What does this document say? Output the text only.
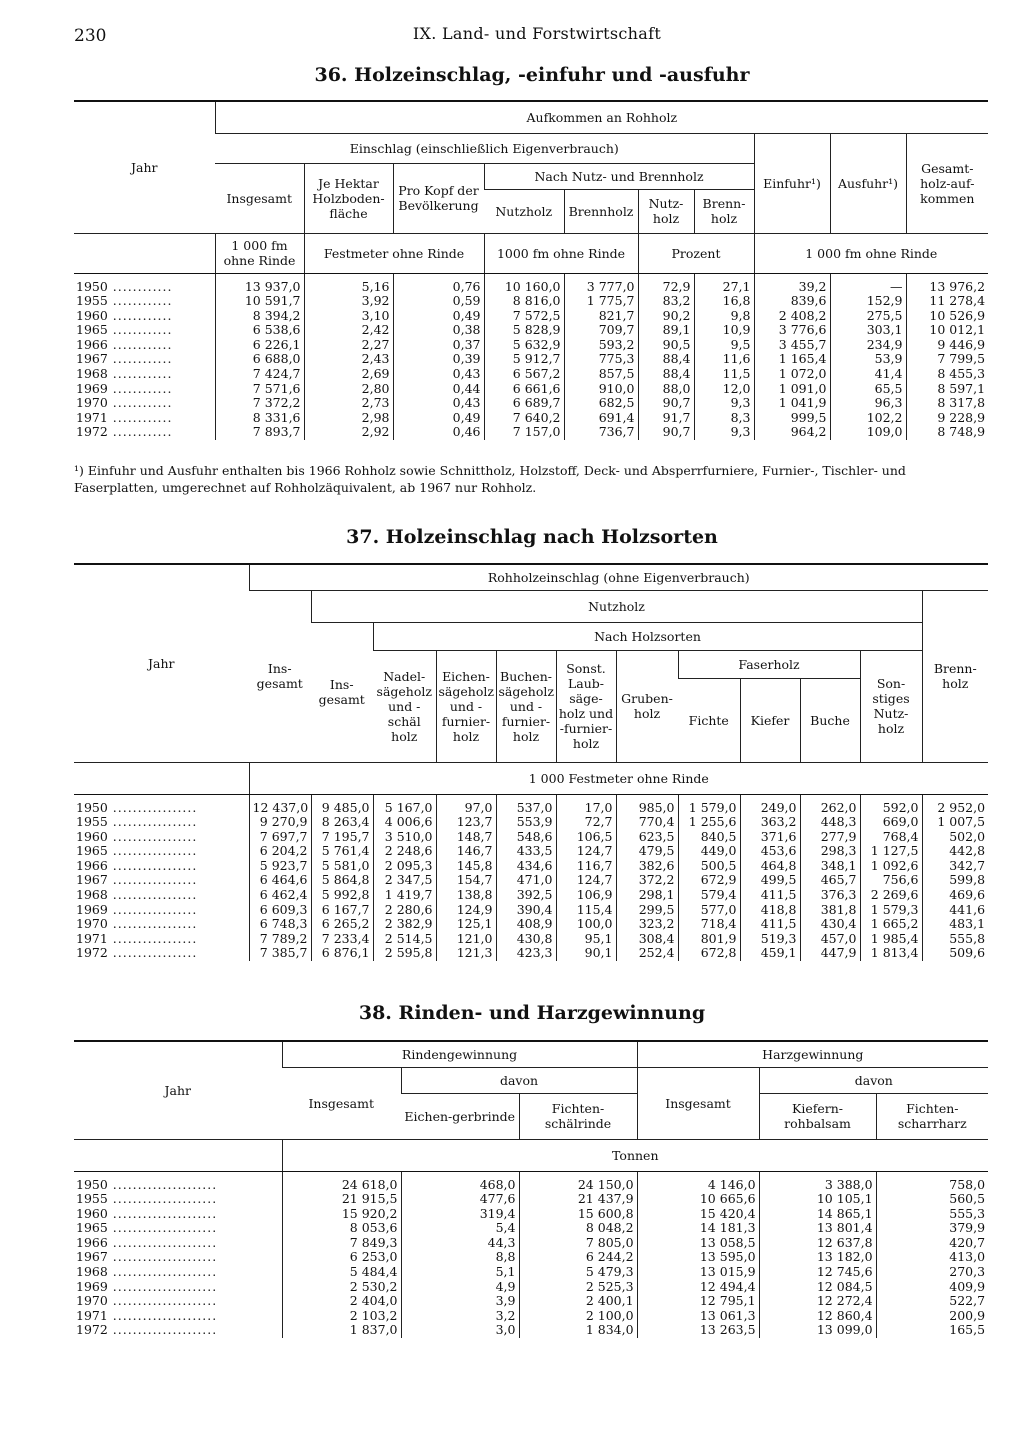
230	IX. Land- und Forstwirtschaft
36. Holzeinschlag, -einfuhr und -ausfuhr
Jahr	Aufkommen an Rohholz									
	Einschlag (einschließlich Eigenverbrauch)							Einfuhr¹)	Ausfuhr¹)	Gesamt-holz-auf-kommen
	Insgesamt	Je Hektar Holzboden-fläche	Pro Kopf der Bevölkerung	Nach Nutz- und Brennholz						
				Nutzholz	Brennholz	Nutz-holz	Brenn-holz			
	1 000 fm ohne Rinde	Festmeter ohne Rinde		1000 fm ohne Rinde		Prozent		1 000 fm ohne Rinde		
1950 ............	13 937,0	5,16	0,76	10 160,0	3 777,0	72,9	27,1	39,2	—	13 976,2
1955 ............	10 591,7	3,92	0,59	8 816,0	1 775,7	83,2	16,8	839,6	152,9	11 278,4
1960 ............	8 394,2	3,10	0,49	7 572,5	821,7	90,2	9,8	2 408,2	275,5	10 526,9
1965 ............	6 538,6	2,42	0,38	5 828,9	709,7	89,1	10,9	3 776,6	303,1	10 012,1
1966 ............	6 226,1	2,27	0,37	5 632,9	593,2	90,5	9,5	3 455,7	234,9	9 446,9
1967 ............	6 688,0	2,43	0,39	5 912,7	775,3	88,4	11,6	1 165,4	53,9	7 799,5
1968 ............	7 424,7	2,69	0,43	6 567,2	857,5	88,4	11,5	1 072,0	41,4	8 455,3
1969 ............	7 571,6	2,80	0,44	6 661,6	910,0	88,0	12,0	1 091,0	65,5	8 597,1
1970 ............	7 372,2	2,73	0,43	6 689,7	682,5	90,7	9,3	1 041,9	96,3	8 317,8
1971 ............	8 331,6	2,98	0,49	7 640,2	691,4	91,7	8,3	999,5	102,2	9 228,9
1972 ............	7 893,7	2,92	0,46	7 157,0	736,7	90,7	9,3	964,2	109,0	8 748,9
¹) Einfuhr und Ausfuhr enthalten bis 1966 Rohholz sowie Schnittholz, Holzstoff, Deck- und Absperrfurniere, Furnier-, Tischler- und Faserplatten, umgerechnet auf Rohholzäquivalent, ab 1967 nur Rohholz.
37. Holzeinschlag nach Holzsorten
Jahr	Rohholzeinschlag (ohne Eigenverbrauch)											
	Ins-gesamt	Nutzholz										Brenn-holz
		Ins-gesamt	Nach Holzsorten									
			Nadel-sägeholz und -schäl holz	Eichen-sägeholz und -furnier-holz	Buchen-sägeholz und -furnier-holz	Sonst. Laub-säge-holz und -furnier-holz	Gruben-holz	Faserholz			Son-stiges Nutz-holz	
								Fichte	Kiefer	Buche		
	1 000 Festmeter ohne Rinde											
1950 .................	12 437,0	9 485,0	5 167,0	97,0	537,0	17,0	985,0	1 579,0	249,0	262,0	592,0	2 952,0
1955 .................	9 270,9	8 263,4	4 006,6	123,7	553,9	72,7	770,4	1 255,6	363,2	448,3	669,0	1 007,5
1960 .................	7 697,7	7 195,7	3 510,0	148,7	548,6	106,5	623,5	840,5	371,6	277,9	768,4	502,0
1965 .................	6 204,2	5 761,4	2 248,6	146,7	433,5	124,7	479,5	449,0	453,6	298,3	1 127,5	442,8
1966 .................	5 923,7	5 581,0	2 095,3	145,8	434,6	116,7	382,6	500,5	464,8	348,1	1 092,6	342,7
1967 .................	6 464,6	5 864,8	2 347,5	154,7	471,0	124,7	372,2	672,9	499,5	465,7	756,6	599,8
1968 .................	6 462,4	5 992,8	1 419,7	138,8	392,5	106,9	298,1	579,4	411,5	376,3	2 269,6	469,6
1969 .................	6 609,3	6 167,7	2 280,6	124,9	390,4	115,4	299,5	577,0	418,8	381,8	1 579,3	441,6
1970 .................	6 748,3	6 265,2	2 382,9	125,1	408,9	100,0	323,2	718,4	411,5	430,4	1 665,2	483,1
1971 .................	7 789,2	7 233,4	2 514,5	121,0	430,8	95,1	308,4	801,9	519,3	457,0	1 985,4	555,8
1972 .................	7 385,7	6 876,1	2 595,8	121,3	423,3	90,1	252,4	672,8	459,1	447,9	1 813,4	509,6
38. Rinden- und Harzgewinnung
Jahr	Rindengewinnung			Harzgewinnung		
	Insgesamt	davon		Insgesamt	davon	
		Eichen-gerbrinde	Fichten-schälrinde		Kiefern-rohbalsam	Fichten-scharrharz
	Tonnen					
1950 .....................	24 618,0	468,0	24 150,0	4 146,0	3 388,0	758,0
1955 .....................	21 915,5	477,6	21 437,9	10 665,6	10 105,1	560,5
1960 .....................	15 920,2	319,4	15 600,8	15 420,4	14 865,1	555,3
1965 .....................	8 053,6	5,4	8 048,2	14 181,3	13 801,4	379,9
1966 .....................	7 849,3	44,3	7 805,0	13 058,5	12 637,8	420,7
1967 .....................	6 253,0	8,8	6 244,2	13 595,0	13 182,0	413,0
1968 .....................	5 484,4	5,1	5 479,3	13 015,9	12 745,6	270,3
1969 .....................	2 530,2	4,9	2 525,3	12 494,4	12 084,5	409,9
1970 .....................	2 404,0	3,9	2 400,1	12 795,1	12 272,4	522,7
1971 .....................	2 103,2	3,2	2 100,0	13 061,3	12 860,4	200,9
1972 .....................	1 837,0	3,0	1 834,0	13 263,5	13 099,0	165,5
